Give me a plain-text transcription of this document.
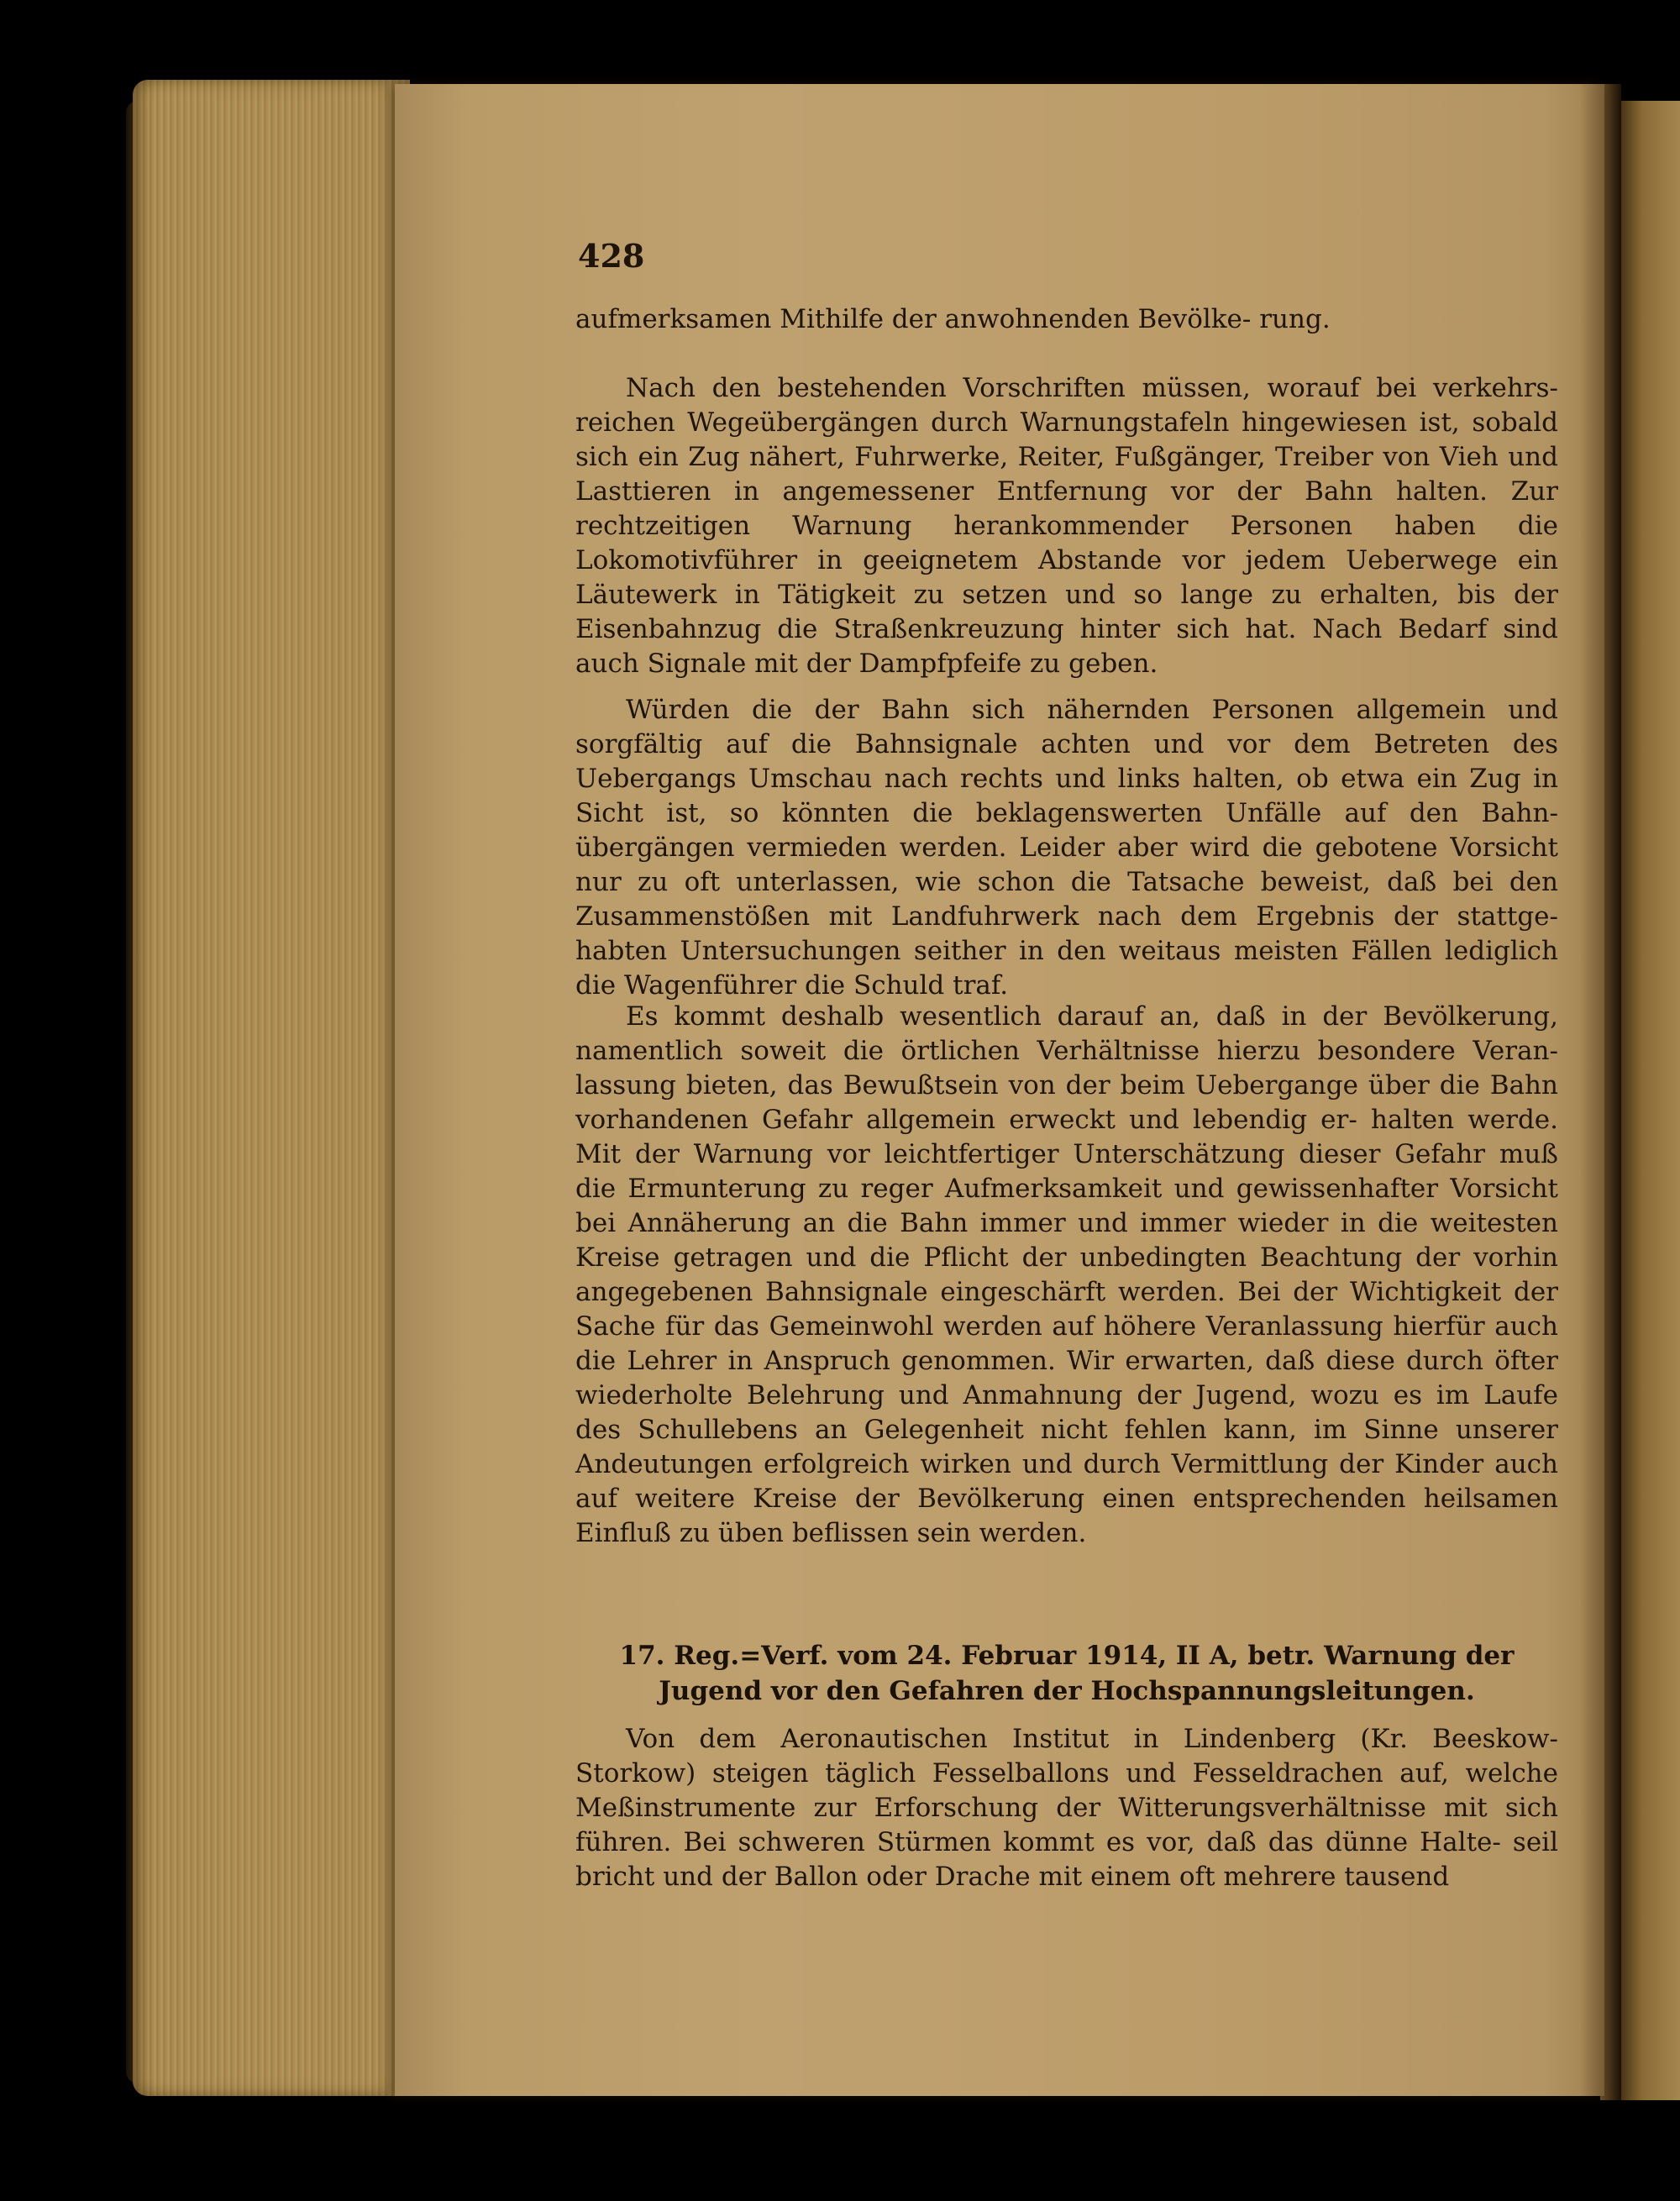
428

aufmerksamen Mithilfe der anwohnenden Bevölke- rung.

Nach den bestehenden Vorschriften müssen, worauf bei verkehrs- reichen Wegeübergängen durch Warnungstafeln hingewiesen ist, sobald sich ein Zug nähert, Fuhrwerke, Reiter, Fußgänger, Treiber von Vieh und Lasttieren in angemessener Entfernung vor der Bahn halten. Zur rechtzeitigen Warnung herankommender Personen haben die Lokomotivführer in geeignetem Abstande vor jedem Ueberwege ein Läutewerk in Tätigkeit zu setzen und so lange zu erhalten, bis der Eisenbahnzug die Straßenkreuzung hinter sich hat. Nach Bedarf sind auch Signale mit der Dampfpfeife zu geben.

Würden die der Bahn sich nähernden Personen allgemein und sorgfältig auf die Bahnsignale achten und vor dem Betreten des Uebergangs Umschau nach rechts und links halten, ob etwa ein Zug in Sicht ist, so könnten die beklagenswerten Unfälle auf den Bahn- übergängen vermieden werden. Leider aber wird die gebotene Vorsicht nur zu oft unterlassen, wie schon die Tatsache beweist, daß bei den Zusammenstößen mit Landfuhrwerk nach dem Ergebnis der stattge- habten Untersuchungen seither in den weitaus meisten Fällen lediglich die Wagenführer die Schuld traf.

Es kommt deshalb wesentlich darauf an, daß in der Bevölkerung, namentlich soweit die örtlichen Verhältnisse hierzu besondere Veran- lassung bieten, das Bewußtsein von der beim Uebergange über die Bahn vorhandenen Gefahr allgemein erweckt und lebendig er- halten werde. Mit der Warnung vor leichtfertiger Unterschätzung dieser Gefahr muß die Ermunterung zu reger Aufmerksamkeit und gewissenhafter Vorsicht bei Annäherung an die Bahn immer und immer wieder in die weitesten Kreise getragen und die Pflicht der unbedingten Beachtung der vorhin angegebenen Bahnsignale eingeschärft werden. Bei der Wichtigkeit der Sache für das Gemeinwohl werden auf höhere Veranlassung hierfür auch die Lehrer in Anspruch genommen. Wir erwarten, daß diese durch öfter wiederholte Belehrung und Anmahnung der Jugend, wozu es im Laufe des Schullebens an Gelegenheit nicht fehlen kann, im Sinne unserer Andeutungen erfolgreich wirken und durch Vermittlung der Kinder auch auf weitere Kreise der Bevölkerung einen entsprechenden heilsamen Einfluß zu üben beflissen sein werden.

17. Reg.=Verf. vom 24. Februar 1914, II A, betr. Warnung der Jugend vor den Gefahren der Hochspannungsleitungen.

Von dem Aeronautischen Institut in Lindenberg (Kr. Beeskow- Storkow) steigen täglich Fesselballons und Fesseldrachen auf, welche Meßinstrumente zur Erforschung der Witterungsverhältnisse mit sich führen. Bei schweren Stürmen kommt es vor, daß das dünne Halte- seil bricht und der Ballon oder Drache mit einem oft mehrere tausend
